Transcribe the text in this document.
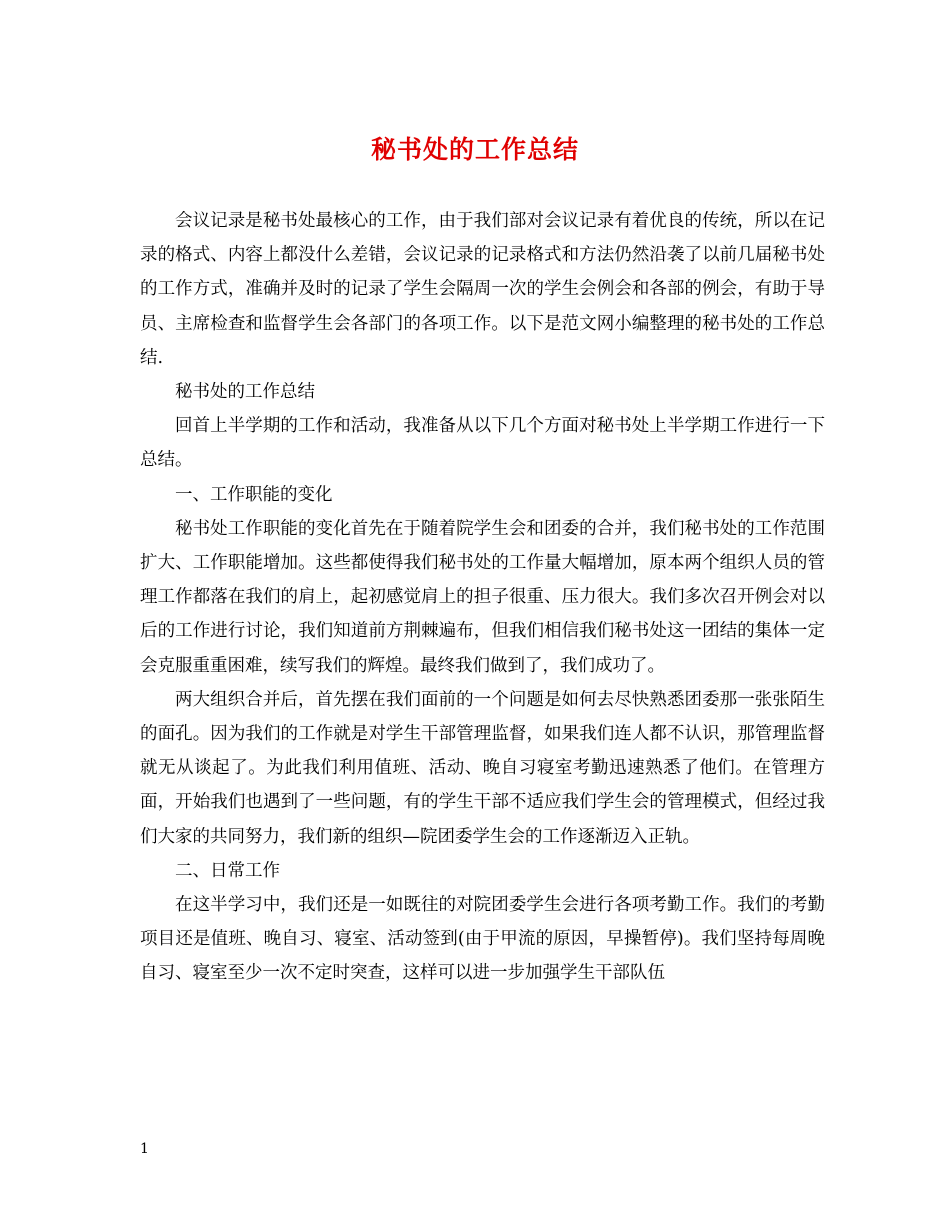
秘书处的工作总结

会议记录是秘书处最核心的工作，由于我们部对会议记录有着优良的传统，所以在记录的格式、内容上都没什么差错，会议记录的记录格式和方法仍然沿袭了以前几届秘书处的工作方式，准确并及时的记录了学生会隔周一次的学生会例会和各部的例会，有助于导员、主席检查和监督学生会各部门的各项工作。以下是范文网小编整理的秘书处的工作总结.

秘书处的工作总结

回首上半学期的工作和活动，我准备从以下几个方面对秘书处上半学期工作进行一下总结。

一、工作职能的变化

秘书处工作职能的变化首先在于随着院学生会和团委的合并，我们秘书处的工作范围扩大、工作职能增加。这些都使得我们秘书处的工作量大幅增加，原本两个组织人员的管理工作都落在我们的肩上，起初感觉肩上的担子很重、压力很大。我们多次召开例会对以后的工作进行讨论，我们知道前方荆棘遍布，但我们相信我们秘书处这一团结的集体一定会克服重重困难，续写我们的辉煌。最终我们做到了，我们成功了。

两大组织合并后，首先摆在我们面前的一个问题是如何去尽快熟悉团委那一张张陌生的面孔。因为我们的工作就是对学生干部管理监督，如果我们连人都不认识，那管理监督就无从谈起了。为此我们利用值班、活动、晚自习寝室考勤迅速熟悉了他们。在管理方面，开始我们也遇到了一些问题，有的学生干部不适应我们学生会的管理模式，但经过我们大家的共同努力，我们新的组织—院团委学生会的工作逐渐迈入正轨。

二、日常工作

在这半学习中，我们还是一如既往的对院团委学生会进行各项考勤工作。我们的考勤项目还是值班、晚自习、寝室、活动签到(由于甲流的原因，早操暂停)。我们坚持每周晚自习、寝室至少一次不定时突查，这样可以进一步加强学生干部队伍

1
